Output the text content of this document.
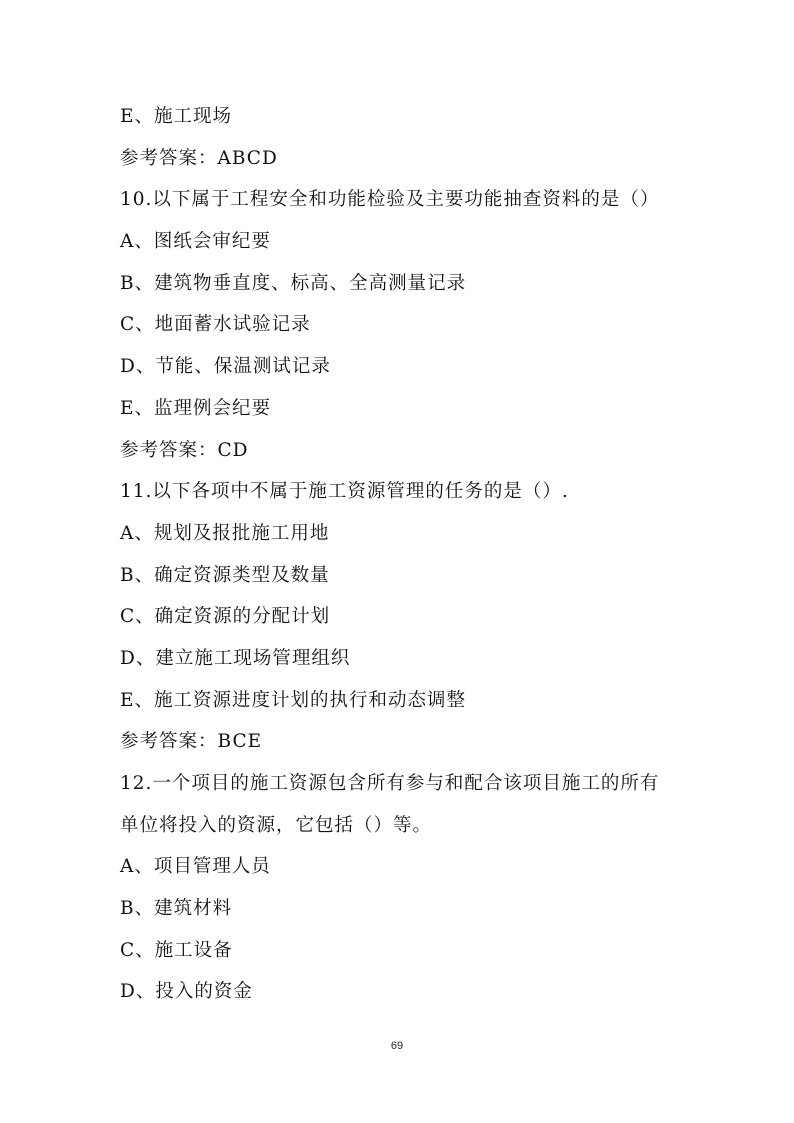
E、施工现场
参考答案：ABCD
10.以下属于工程安全和功能检验及主要功能抽查资料的是（）
A、图纸会审纪要
B、建筑物垂直度、标高、全高测量记录
C、地面蓄水试验记录
D、节能、保温测试记录
E、监理例会纪要
参考答案：CD
11.以下各项中不属于施工资源管理的任务的是（）.
A、规划及报批施工用地
B、确定资源类型及数量
C、确定资源的分配计划
D、建立施工现场管理组织
E、施工资源进度计划的执行和动态调整
参考答案：BCE
12.一个项目的施工资源包含所有参与和配合该项目施工的所有
单位将投入的资源，它包括（）等。
A、项目管理人员
B、建筑材料
C、施工设备
D、投入的资金
69
